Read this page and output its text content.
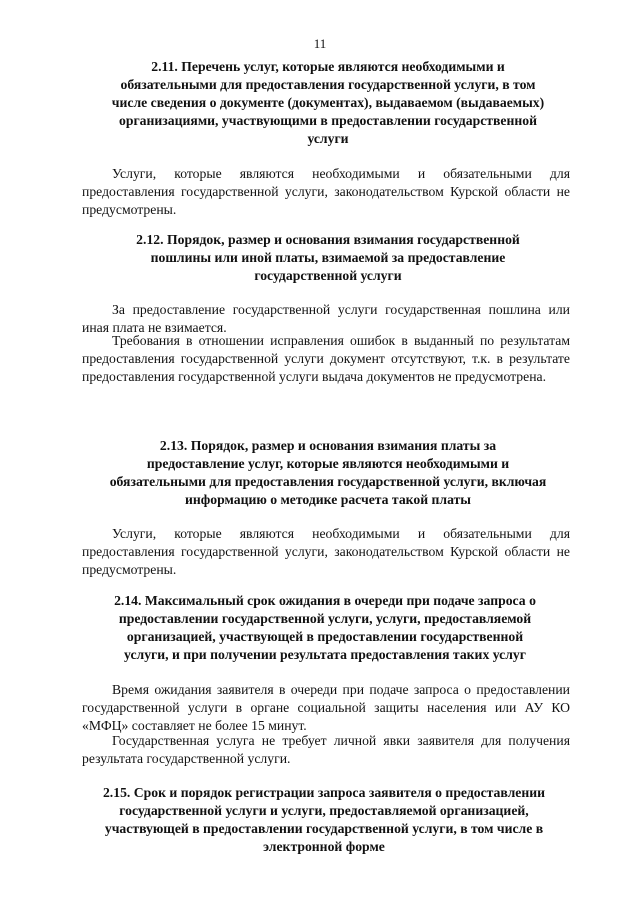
11
2.11. Перечень услуг, которые являются необходимыми и
обязательными для предоставления государственной услуги, в том
числе сведения о документе (документах), выдаваемом (выдаваемых)
организациями, участвующими в предоставлении государственной
услуги

Услуги, которые являются необходимыми и обязательными для предоставления государственной услуги, законодательством Курской области не предусмотрены.

2.12. Порядок, размер и основания взимания государственной
пошлины или иной платы, взимаемой за предоставление
государственной услуги

За предоставление государственной услуги государственная пошлина или иная плата не взимается.

Требования в отношении исправления ошибок в выданный по результатам предоставления государственной услуги документ отсутствуют, т.к. в результате предоставления государственной услуги выдача документов не предусмотрена.

2.13. Порядок, размер и основания взимания платы за
предоставление услуг, которые являются необходимыми и
обязательными для предоставления государственной услуги, включая
информацию о методике расчета такой платы

Услуги, которые являются необходимыми и обязательными для предоставления государственной услуги, законодательством Курской области не предусмотрены.

2.14. Максимальный срок ожидания в очереди при подаче запроса о
предоставлении государственной услуги, услуги, предоставляемой
организацией, участвующей в предоставлении государственной
услуги, и при получении результата предоставления таких услуг

Время ожидания заявителя в очереди при подаче запроса о предоставлении государственной услуги в органе социальной защиты населения или АУ КО «МФЦ» составляет не более 15 минут.

Государственная услуга не требует личной явки заявителя для получения результата государственной услуги.

2.15. Срок и порядок регистрации запроса заявителя о предоставлении
государственной услуги и услуги, предоставляемой организацией,
участвующей в предоставлении государственной услуги, в том числе в
электронной форме
